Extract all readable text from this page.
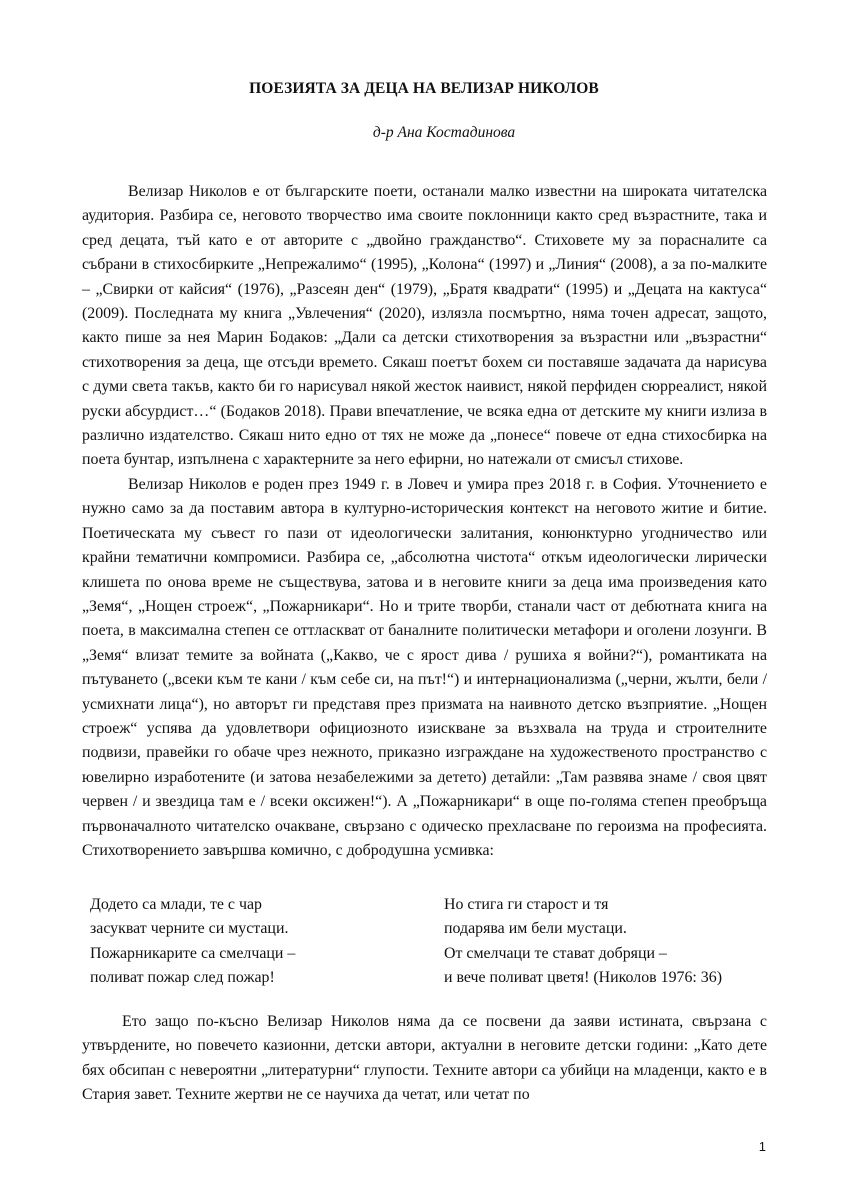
ПОЕЗИЯТА ЗА ДЕЦА НА ВЕЛИЗАР НИКОЛОВ
д-р Ана Костадинова

Велизар Николов е от българските поети, останали малко известни на широката читателска аудитория. Разбира се, неговото творчество има своите поклонници както сред възрастните, така и сред децата, тъй като е от авторите с „двойно гражданство“. Стиховете му за порасналите са събрани в стихосбирките „Непрежалимо“ (1995), „Колона“ (1997) и „Линия“ (2008), а за по-малките – „Свирки от кайсия“ (1976), „Разсеян ден“ (1979), „Братя квадрати“ (1995) и „Децата на кактуса“ (2009). Последната му книга „Увлечения“ (2020), излязла посмъртно, няма точен адресат, защото, както пише за нея Марин Бодаков: „Дали са детски стихотворения за възрастни или „възрастни“ стихотворения за деца, ще отсъди времето. Сякаш поетът бохем си поставяше задачата да нарисува с думи света такъв, както би го нарисувал някой жесток наивист, някой перфиден сюрреалист, някой руски абсурдист…“ (Бодаков 2018). Прави впечатление, че всяка една от детските му книги излиза в различно издателство. Сякаш нито едно от тях не може да „понесе“ повече от една стихосбирка на поета бунтар, изпълнена с характерните за него ефирни, но натежали от смисъл стихове.

Велизар Николов е роден през 1949 г. в Ловеч и умира през 2018 г. в София. Уточнението е нужно само за да поставим автора в културно-историческия контекст на неговото житие и битие. Поетическата му съвест го пази от идеологически залитания, конюнктурно угодничество или крайни тематични компромиси. Разбира се, „абсолютна чистота“ откъм идеологически лирически клишета по онова време не съществува, затова и в неговите книги за деца има произведения като „Земя“, „Нощен строеж“, „Пожарникари“. Но и трите творби, станали част от дебютната книга на поета, в максимална степен се оттласкват от баналните политически метафори и оголени лозунги. В „Земя“ влизат темите за войната („Какво, че с ярост дива / рушиха я войни?“), романтиката на пътуването („всеки към те кани / към себе си, на път!“) и интернационализма („черни, жълти, бели / усмихнати лица“), но авторът ги представя през призмата на наивното детско възприятие. „Нощен строеж“ успява да удовлетвори официозното изискване за възхвала на труда и строителните подвизи, правейки го обаче чрез нежното, приказно изграждане на художественото пространство с ювелирно изработените (и затова незабележими за детето) детайли: „Там развява знаме / своя цвят червен / и звездица там е / всеки оксижен!“). А „Пожарникари“ в още по-голяма степен преобръща първоначалното читателско очакване, свързано с одическо прехласване по героизма на професията. Стихотворението завършва комично, с добродушна усмивка:

Додето са млади, те с чар
засукват черните си мустаци.
Пожарникарите са смелчаци –
поливат пожар след пожар!
Но стига ги старост и тя
подарява им бели мустаци.
От смелчаци те стават добряци –
и вече поливат цветя! (Николов 1976: 36)

Ето защо по-късно Велизар Николов няма да се посвени да заяви истината, свързана с утвърдените, но повечето казионни, детски автори, актуални в неговите детски години: „Като дете бях обсипан с невероятни „литературни“ глупости. Техните автори са убийци на младенци, както е в Стария завет. Техните жертви не се научиха да четат, или четат по

1
